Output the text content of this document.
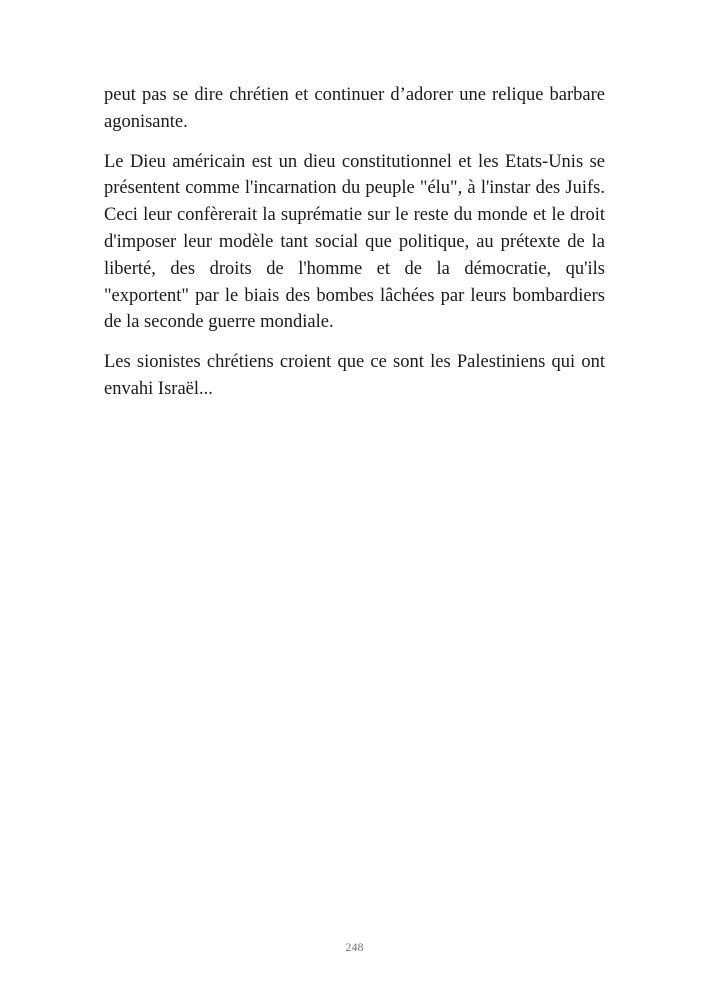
peut pas se dire chrétien et continuer d’adorer une relique barbare agonisante.

Le Dieu américain est un dieu constitutionnel et les Etats-Unis se présentent comme l'incarnation du peuple "élu", à l'instar des Juifs. Ceci leur confèrerait la suprématie sur le reste du monde et le droit d'imposer leur modèle tant social que politique, au prétexte de la liberté, des droits de l'homme et de la démocratie, qu'ils "exportent" par le biais des bombes lâchées par leurs bombardiers de la seconde guerre mondiale.

Les sionistes chrétiens croient que ce sont les Palestiniens qui ont envahi Israël...

248
